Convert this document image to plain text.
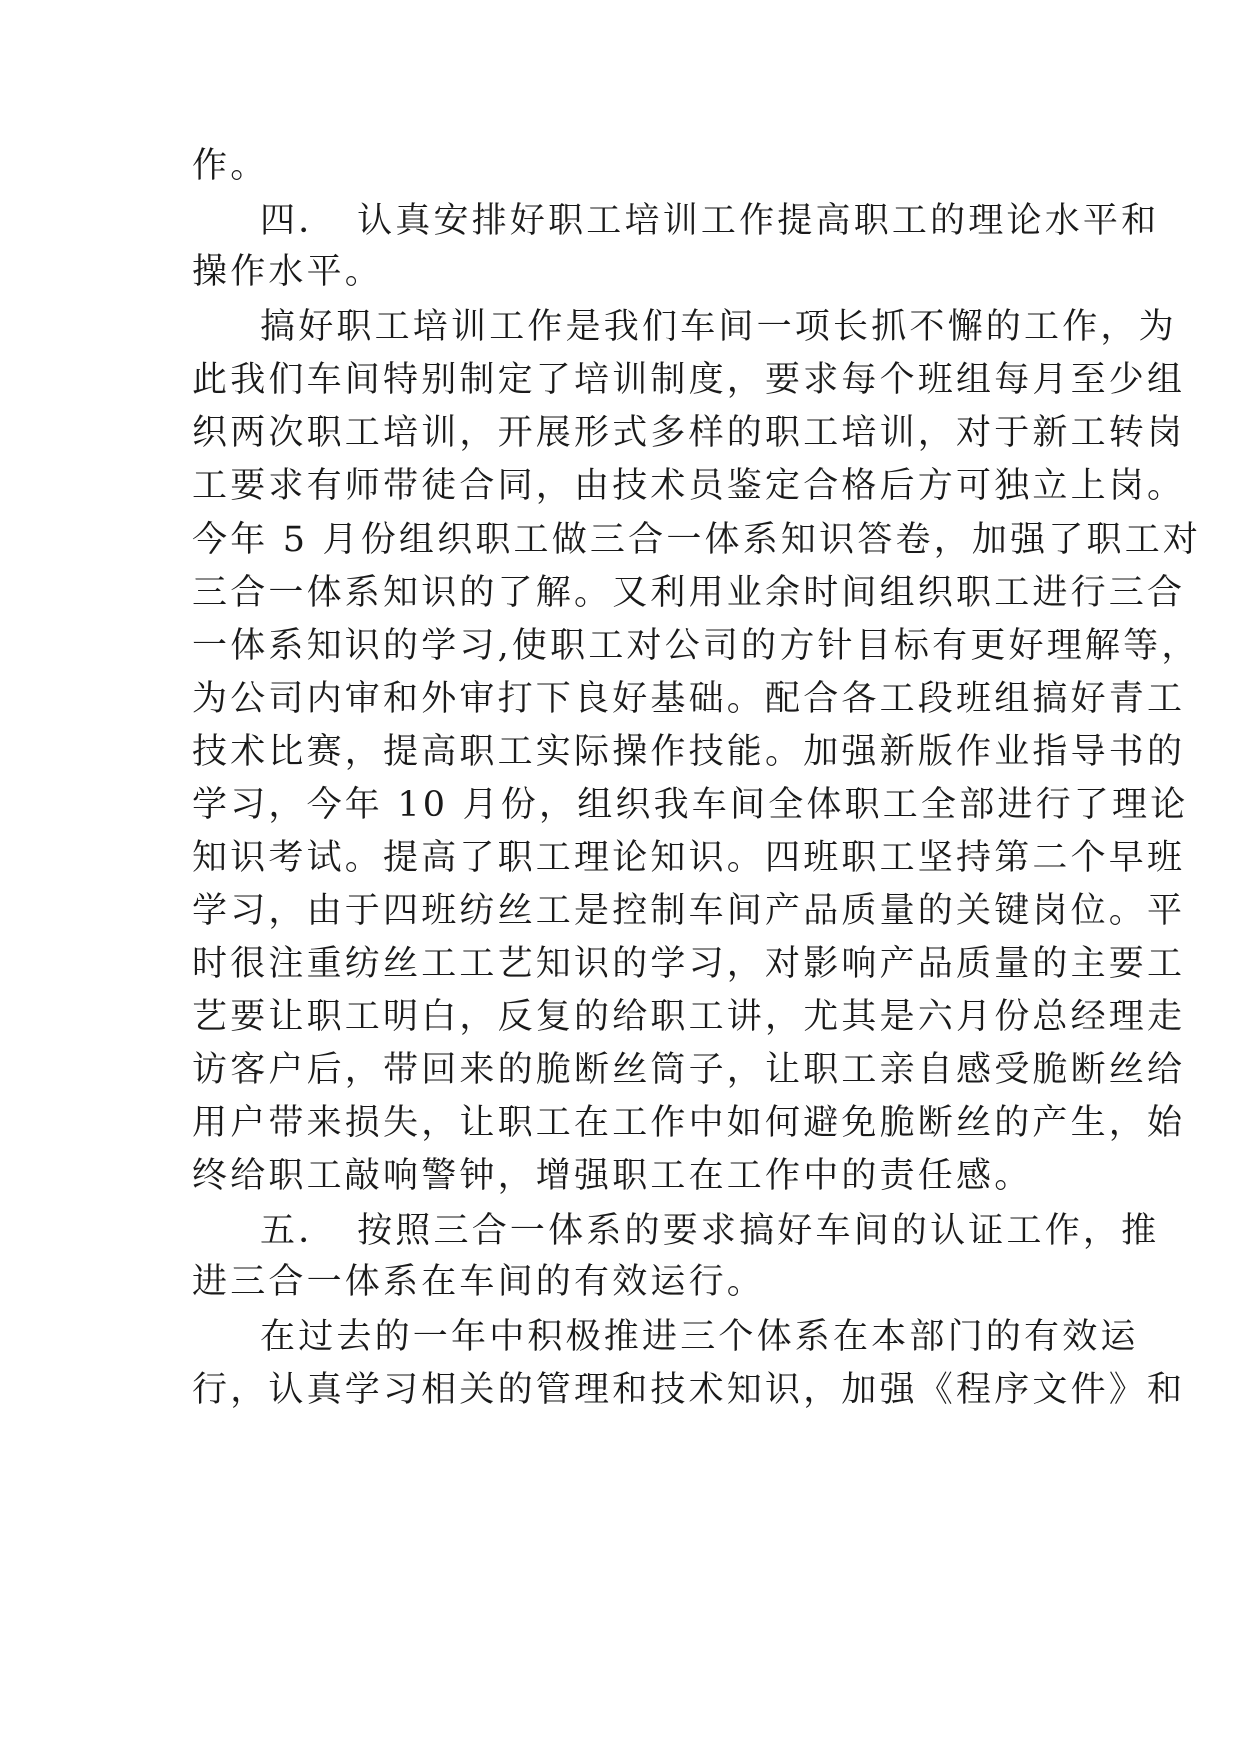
作。
四．　认真安排好职工培训工作提高职工的理论水平和
操作水平。
搞好职工培训工作是我们车间一项长抓不懈的工作，为
此我们车间特别制定了培训制度，要求每个班组每月至少组
织两次职工培训，开展形式多样的职工培训，对于新工转岗
工要求有师带徒合同，由技术员鉴定合格后方可独立上岗。
今年 5 月份组织职工做三合一体系知识答卷，加强了职工对
三合一体系知识的了解。又利用业余时间组织职工进行三合
一体系知识的学习,使职工对公司的方针目标有更好理解等，
为公司内审和外审打下良好基础。配合各工段班组搞好青工
技术比赛，提高职工实际操作技能。加强新版作业指导书的
学习，今年 10 月份，组织我车间全体职工全部进行了理论
知识考试。提高了职工理论知识。四班职工坚持第二个早班
学习，由于四班纺丝工是控制车间产品质量的关键岗位。平
时很注重纺丝工工艺知识的学习，对影响产品质量的主要工
艺要让职工明白，反复的给职工讲，尤其是六月份总经理走
访客户后，带回来的脆断丝筒子，让职工亲自感受脆断丝给
用户带来损失，让职工在工作中如何避免脆断丝的产生，始
终给职工敲响警钟，增强职工在工作中的责任感。
五．　按照三合一体系的要求搞好车间的认证工作，推
进三合一体系在车间的有效运行。
在过去的一年中积极推进三个体系在本部门的有效运
行，认真学习相关的管理和技术知识，加强《程序文件》和
